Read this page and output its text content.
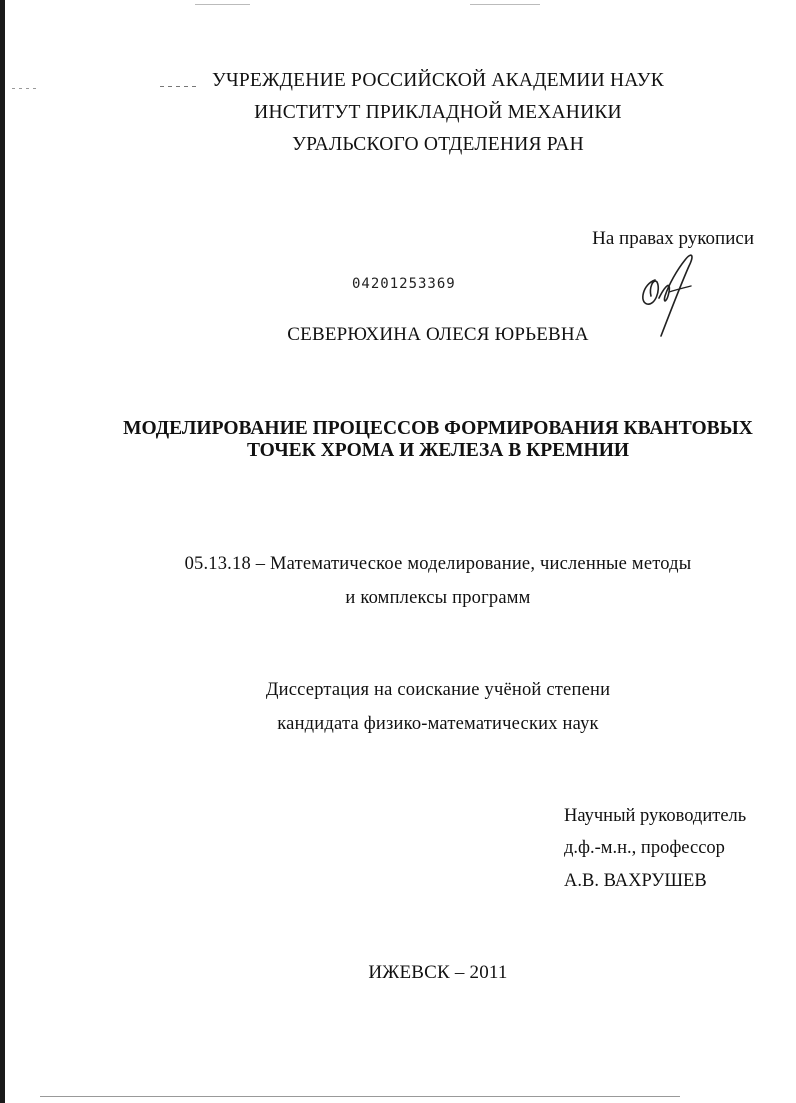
УЧРЕЖДЕНИЕ РОССИЙСКОЙ АКАДЕМИИ НАУК
ИНСТИТУТ ПРИКЛАДНОЙ МЕХАНИКИ
УРАЛЬСКОГО ОТДЕЛЕНИЯ РАН
На правах рукописи
04201253369
СЕВЕРЮХИНА ОЛЕСЯ ЮРЬЕВНА
МОДЕЛИРОВАНИЕ ПРОЦЕССОВ ФОРМИРОВАНИЯ КВАНТОВЫХ
ТОЧЕК ХРОМА И ЖЕЛЕЗА В КРЕМНИИ
05.13.18 – Математическое моделирование, численные методы
и комплексы программ
Диссертация на соискание учёной степени
кандидата физико-математических наук
Научный руководитель
д.ф.-м.н., профессор
А.В. ВАХРУШЕВ
ИЖЕВСК – 2011
